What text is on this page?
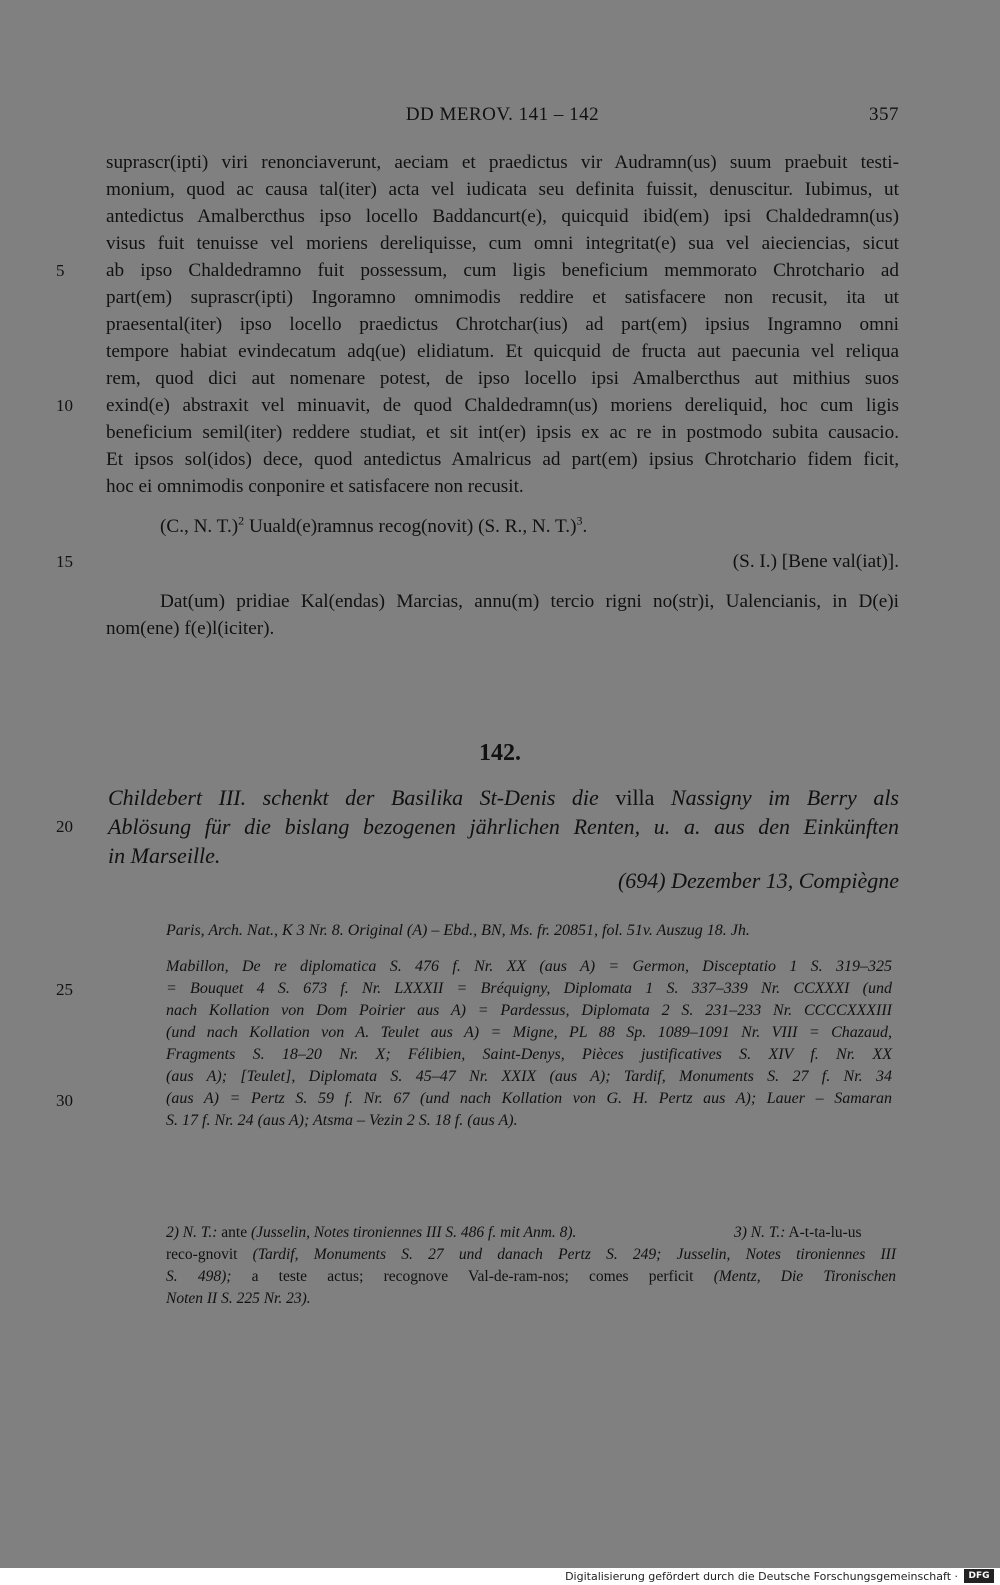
DD MEROV. 141 – 142	357
suprascr(ipti) viri renonciaverunt, aeciam et praedictus vir Audramn(us) suum praebuit testi-
monium, quod ac causa tal(iter) acta vel iudicata seu definita fuissit, denuscitur. Iubimus, ut
antedictus Amalbercthus ipso locello Baddancurt(e), quicquid ibid(em) ipsi Chaldedramn(us)
visus fuit tenuisse vel moriens dereliquisse, cum omni integritat(e) sua vel aieciencias, sicut
ab ipso Chaldedramno fuit possessum, cum ligis beneficium memmorato Chrotchario ad
part(em) suprascr(ipti) Ingoramno omnimodis reddire et satisfacere non recusit, ita ut
praesental(iter) ipso locello praedictus Chrotchar(ius) ad part(em) ipsius Ingramno omni
tempore habiat evindecatum adq(ue) elidiatum. Et quicquid de fructa aut paecunia vel reliqua
rem, quod dici aut nomenare potest, de ipso locello ipsi Amalbercthus aut mithius suos
exind(e) abstraxit vel minuavit, de quod Chaldedramn(us) moriens dereliquid, hoc cum ligis
beneficium semil(iter) reddere studiat, et sit int(er) ipsis ex ac re in postmodo subita causacio.
Et ipsos sol(idos) dece, quod antedictus Amalricus ad part(em) ipsius Chrotchario fidem ficit,
hoc ei omnimodis conponire et satisfacere non recusit.
5
10
15
(C., N. T.)$^2$ Uuald(e)ramnus recog(novit) (S. R., N. T.)$^3$.
(S. I.) [Bene val(iat)].
Dat(um) pridiae Kal(endas) Marcias, annu(m) tercio rigni no(str)i, Ualencianis, in D(e)i
nom(ene) f(e)l(iciter).
142.
Childebert III. schenkt der Basilika St-Denis die villa Nassigny im Berry als
Ablösung für die bislang bezogenen jährlichen Renten, u. a. aus den Einkünften
in Marseille.
20
(694) Dezember 13, Compiègne
Paris, Arch. Nat., K 3 Nr. 8. Original (A) – Ebd., BN, Ms. fr. 20851, fol. 51v. Auszug 18. Jh.
Mabillon, De re diplomatica S. 476 f. Nr. XX (aus A) = Germon, Disceptatio 1 S. 319–325
= Bouquet 4 S. 673 f. Nr. LXXXII = Bréquigny, Diplomata 1 S. 337–339 Nr. CCXXXI (und
nach Kollation von Dom Poirier aus A) = Pardessus, Diplomata 2 S. 231–233 Nr. CCCCXXXIII
(und nach Kollation von A. Teulet aus A) = Migne, PL 88 Sp. 1089–1091 Nr. VIII = Chazaud,
Fragments S. 18–20 Nr. X; Félibien, Saint-Denys, Pièces justificatives S. XIV f. Nr. XX
(aus A); [Teulet], Diplomata S. 45–47 Nr. XXIX (aus A); Tardif, Monuments S. 27 f. Nr. 34
(aus A) = Pertz S. 59 f. Nr. 67 (und nach Kollation von G. H. Pertz aus A); Lauer – Samaran
S. 17 f. Nr. 24 (aus A); Atsma – Vezin 2 S. 18 f. (aus A).
25
30
2) N. T.: ante (Jusselin, Notes tironiennes III S. 486 f. mit Anm. 8).	3) N. T.: A-t-ta-lu-us
reco-gnovit (Tardif, Monuments S. 27 und danach Pertz S. 249; Jusselin, Notes tironiennes III
S. 498); a teste actus; recognove Val-de-ram-nos; comes perficit (Mentz, Die Tironischen
Noten II S. 225 Nr. 23).
Digitalisierung gefördert durch die Deutsche Forschungsgemeinschaft ·	DFG
